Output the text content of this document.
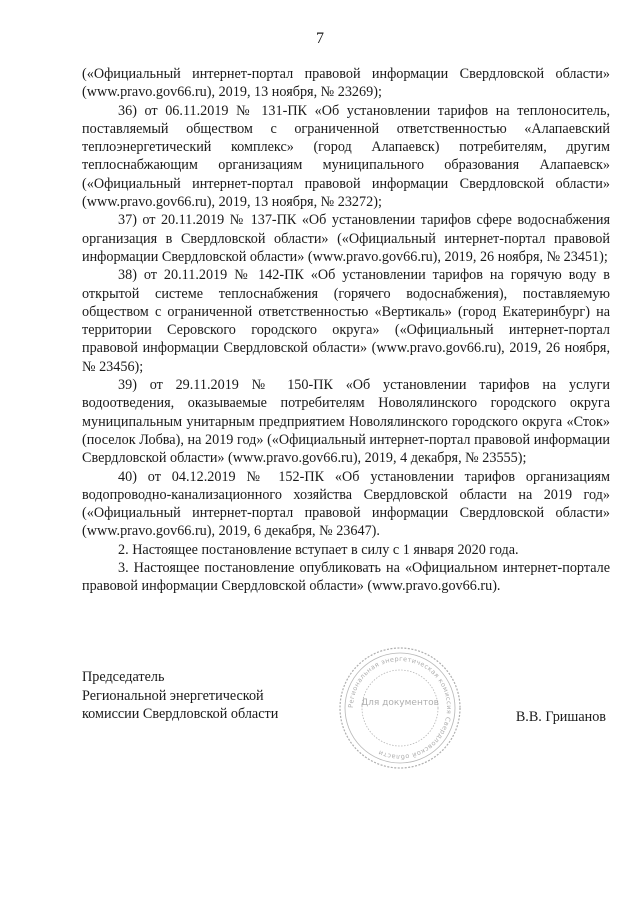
7

(«Официальный интернет-портал правовой информации Свердловской области» (www.pravo.gov66.ru), 2019, 13 ноября, № 23269);

36) от 06.11.2019 № 131-ПК «Об установлении тарифов на теплоноситель, поставляемый обществом с ограниченной ответственностью «Алапаевский теплоэнергетический комплекс» (город Алапаевск) потребителям, другим теплоснабжающим организациям муниципального образования Алапаевск» («Официальный интернет-портал правовой информации Свердловской области» (www.pravo.gov66.ru), 2019, 13 ноября, № 23272);

37) от 20.11.2019 № 137-ПК «Об установлении тарифов сфере водоснабжения организация в Свердловской области» («Официальный интернет-портал правовой информации Свердловской области» (www.pravo.gov66.ru), 2019, 26 ноября, № 23451);

38) от 20.11.2019 № 142-ПК «Об установлении тарифов на горячую воду в открытой системе теплоснабжения (горячего водоснабжения), поставляемую обществом с ограниченной ответственностью «Вертикаль» (город Екатеринбург) на территории Серовского городского округа» («Официальный интернет-портал правовой информации Свердловской области» (www.pravo.gov66.ru), 2019, 26 ноября, № 23456);

39) от 29.11.2019 № 150-ПК «Об установлении тарифов на услуги водоотведения, оказываемые потребителям Новолялинского городского округа муниципальным унитарным предприятием Новолялинского городского округа «Сток» (поселок Лобва), на 2019 год» («Официальный интернет-портал правовой информации Свердловской области» (www.pravo.gov66.ru), 2019, 4 декабря, № 23555);

40) от 04.12.2019 № 152-ПК «Об установлении тарифов организациям водопроводно-канализационного хозяйства Свердловской области на 2019 год» («Официальный интернет-портал правовой информации Свердловской области» (www.pravo.gov66.ru), 2019, 6 декабря, № 23647).

2. Настоящее постановление вступает в силу с 1 января 2020 года.

3. Настоящее постановление опубликовать на «Официальном интернет-портале правовой информации Свердловской области» (www.pravo.gov66.ru).

Председатель
Региональной энергетической
комиссии Свердловской области
Региональная энергетическая комиссия Свердловской области
Для документов
В.В. Гришанов
